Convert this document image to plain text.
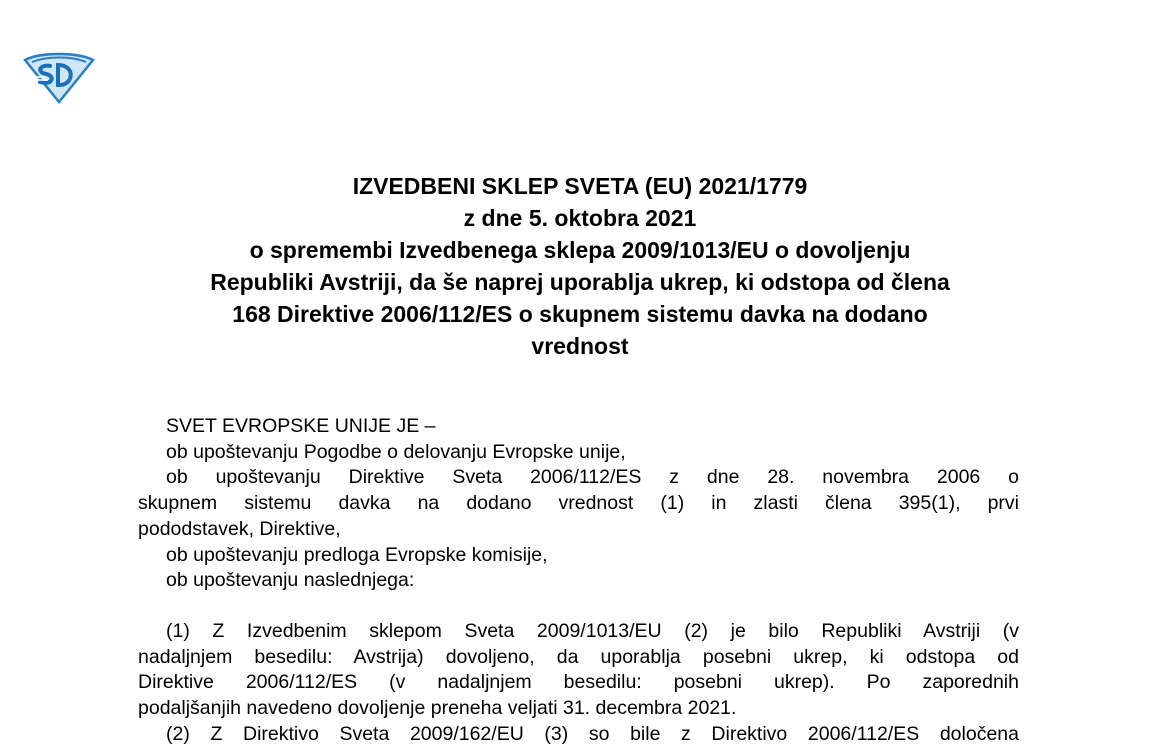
IZVEDBENI SKLEP SVETA (EU) 2021/1779
z dne 5. oktobra 2021
o spremembi Izvedbenega sklepa 2009/1013/EU o dovoljenju
Republiki Avstriji, da še naprej uporablja ukrep, ki odstopa od člena
168 Direktive 2006/112/ES o skupnem sistemu davka na dodano
vrednost
SVET EVROPSKE UNIJE JE –
ob upoštevanju Pogodbe o delovanju Evropske unije,
ob upoštevanju Direktive Sveta 2006/112/ES z dne 28. novembra 2006 o
skupnem sistemu davka na dodano vrednost (1) in zlasti člena 395(1), prvi
pododstavek, Direktive,
ob upoštevanju predloga Evropske komisije,
ob upoštevanju naslednjega:
(1) Z Izvedbenim sklepom Sveta 2009/1013/EU (2) je bilo Republiki Avstriji (v
nadaljnjem besedilu: Avstrija) dovoljeno, da uporablja posebni ukrep, ki odstopa od
Direktive 2006/112/ES (v nadaljnjem besedilu: posebni ukrep). Po zaporednih
podaljšanjih navedeno dovoljenje preneha veljati 31. decembra 2021.
(2) Z Direktivo Sveta 2009/162/EU (3) so bile z Direktivo 2006/112/ES določena
